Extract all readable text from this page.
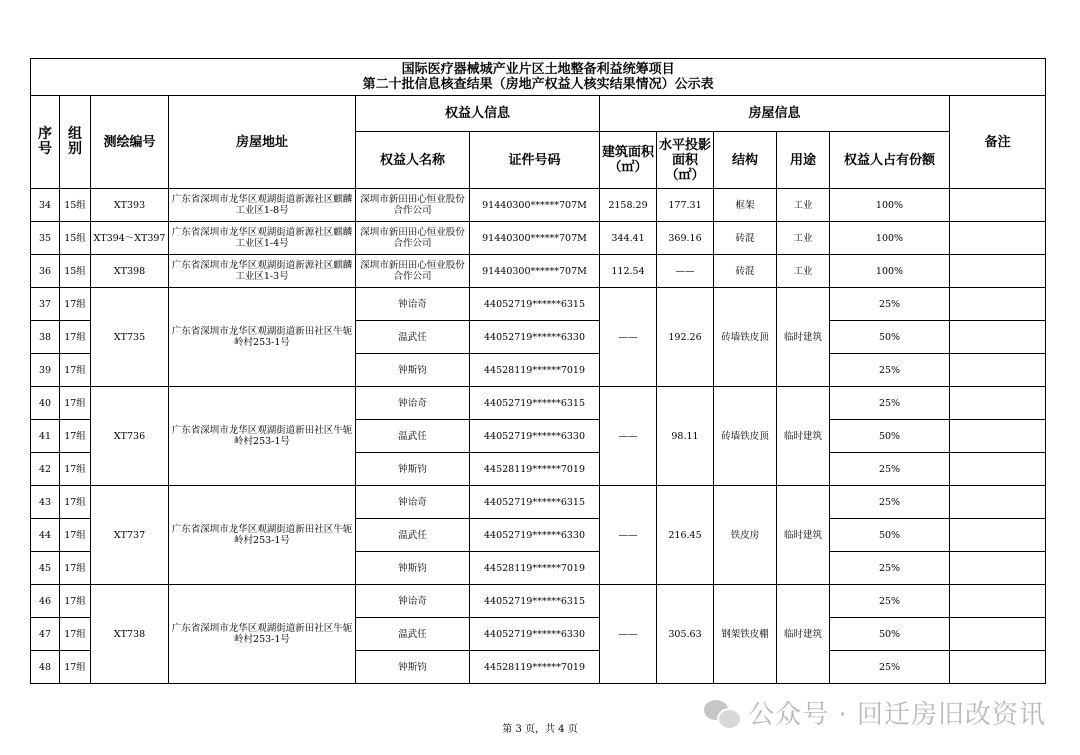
国际医疗器械城产业片区土地整备利益统筹项目
第二十批信息核查结果（房地产权益人核实结果情况）公示表											

序号	组别	测绘编号	房屋地址	权益人信息		房屋信息					备注
				权益人名称	证件号码	建筑面积（㎡）	水平投影面积（㎡）	结构	用途	权益人占有份额	
34	15组	XT393	广东省深圳市龙华区观湖街道新源社区麒麟工业区1-8号	深圳市新田田心恒业股份合作公司	91440300******707M	2158.29	177.31	框架	工业	100%	
35	15组	XT394～XT397	广东省深圳市龙华区观湖街道新源社区麒麟工业区1-4号	深圳市新田田心恒业股份合作公司	91440300******707M	344.41	369.16	砖混	工业	100%	
36	15组	XT398	广东省深圳市龙华区观湖街道新源社区麒麟工业区1-3号	深圳市新田田心恒业股份合作公司	91440300******707M	112.54	——	砖混	工业	100%	
37	17组	XT735	广东省深圳市龙华区观湖街道新田社区牛轭岭村253-1号	钟诒奇	44052719******6315	——	192.26	砖墙铁皮顶	临时建筑	25%	
38	17组			温武任	44052719******6330					50%	
39	17组			钟斯钧	44528119******7019					25%	
40	17组	XT736	广东省深圳市龙华区观湖街道新田社区牛轭岭村253-1号	钟诒奇	44052719******6315	——	98.11	砖墙铁皮顶	临时建筑	25%	
41	17组			温武任	44052719******6330					50%	
42	17组			钟斯钧	44528119******7019					25%	
43	17组	XT737	广东省深圳市龙华区观湖街道新田社区牛轭岭村253-1号	钟诒奇	44052719******6315	——	216.45	铁皮房	临时建筑	25%	
44	17组			温武任	44052719******6330					50%	
45	17组			钟斯钧	44528119******7019					25%	
46	17组	XT738	广东省深圳市龙华区观湖街道新田社区牛轭岭村253-1号	钟诒奇	44052719******6315	——	305.63	钢架铁皮棚	临时建筑	25%	
47	17组			温武任	44052719******6330					50%	
48	17组			钟斯钧	44528119******7019					25%	
第 3 页，共 4 页	公众号 · 回迁房旧改资讯
